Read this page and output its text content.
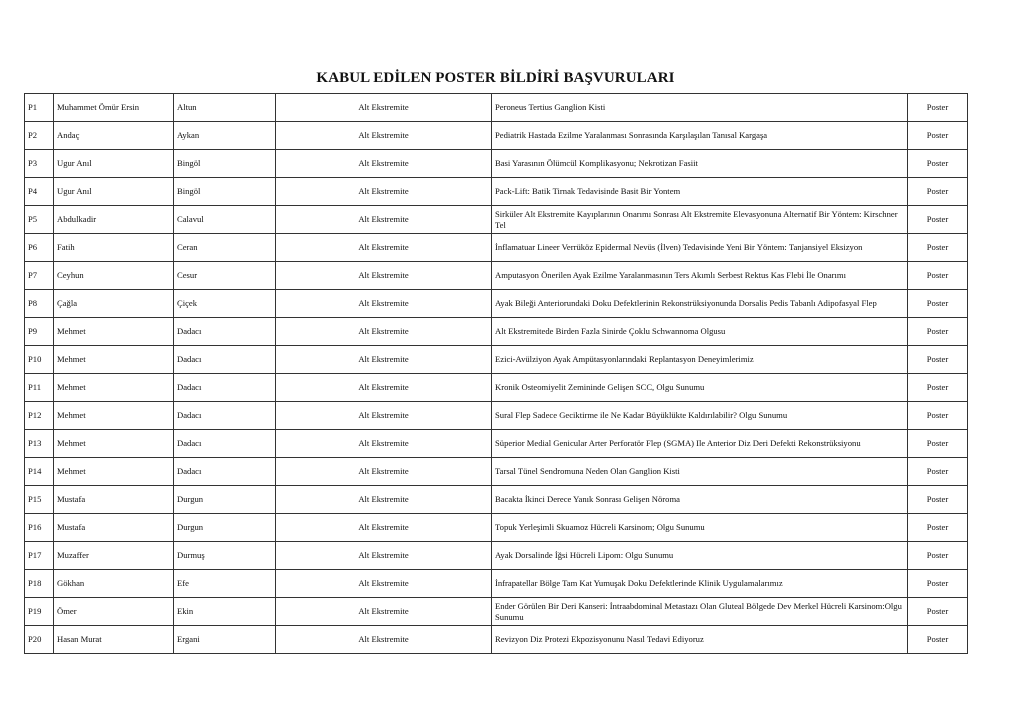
KABUL EDİLEN POSTER BİLDİRİ BAŞVURULARI
P1	Muhammet Ömür Ersin	Altun	Alt Ekstremite	Peroneus Tertius Ganglion Kisti	Poster
P2	Andaç	Aykan	Alt Ekstremite	Pediatrik Hastada Ezilme Yaralanması Sonrasında Karşılaşılan Tanısal Kargaşa	Poster
P3	Ugur Anıl	Bingöl	Alt Ekstremite	Basi Yarasının Ölümcül Komplikasyonu; Nekrotizan Fasiit	Poster
P4	Ugur Anıl	Bingöl	Alt Ekstremite	Pack-Lift: Batik Tirnak Tedavisinde Basit Bir Yontem	Poster
P5	Abdulkadir	Calavul	Alt Ekstremite	Sirküler Alt Ekstremite Kayıplarının Onarımı Sonrası Alt Ekstremite Elevasyonuna Alternatif Bir Yöntem: Kirschner Tel	Poster
P6	Fatih	Ceran	Alt Ekstremite	İnflamatuar Lineer Verrüköz Epidermal Nevüs (İlven) Tedavisinde Yeni Bir Yöntem: Tanjansiyel Eksizyon	Poster
P7	Ceyhun	Cesur	Alt Ekstremite	Amputasyon Önerilen Ayak Ezilme Yaralanmasının Ters Akımlı Serbest Rektus Kas Flebi İle Onarımı	Poster
P8	Çağla	Çiçek	Alt Ekstremite	Ayak Bileği Anteriorundaki Doku Defektlerinin Rekonstrüksiyonunda Dorsalis Pedis Tabanlı Adipofasyal Flep	Poster
P9	Mehmet	Dadacı	Alt Ekstremite	Alt Ekstremitede Birden Fazla Sinirde Çoklu Schwannoma Olgusu	Poster
P10	Mehmet	Dadacı	Alt Ekstremite	Ezici-Avülziyon Ayak Ampütasyonlarındaki Replantasyon Deneyimlerimiz	Poster
P11	Mehmet	Dadacı	Alt Ekstremite	Kronik Osteomiyelit Zemininde Gelişen SCC, Olgu Sunumu	Poster
P12	Mehmet	Dadacı	Alt Ekstremite	Sural Flep Sadece Geciktirme ile Ne Kadar Büyüklükte Kaldırılabilir? Olgu Sunumu	Poster
P13	Mehmet	Dadacı	Alt Ekstremite	Süperior Medial Genicular Arter Perforatör Flep (SGMA) Ile Anterior Diz Deri Defekti Rekonstrüksiyonu	Poster
P14	Mehmet	Dadacı	Alt Ekstremite	Tarsal Tünel Sendromuna Neden Olan Ganglion Kisti	Poster
P15	Mustafa	Durgun	Alt Ekstremite	Bacakta İkinci Derece Yanık Sonrası Gelişen Nöroma	Poster
P16	Mustafa	Durgun	Alt Ekstremite	Topuk Yerleşimli Skuamoz Hücreli Karsinom; Olgu Sunumu	Poster
P17	Muzaffer	Durmuş	Alt Ekstremite	Ayak Dorsalinde İğsi Hücreli Lipom: Olgu Sunumu	Poster
P18	Gökhan	Efe	Alt Ekstremite	İnfrapatellar Bölge Tam Kat Yumuşak Doku Defektlerinde Klinik Uygulamalarımız	Poster
P19	Ömer	Ekin	Alt Ekstremite	Ender Görülen Bir Deri Kanseri: İntraabdominal Metastazı Olan Gluteal Bölgede Dev Merkel Hücreli Karsinom:Olgu Sunumu	Poster
P20	Hasan Murat	Ergani	Alt Ekstremite	Revizyon Diz Protezi Ekpozisyonunu Nasıl Tedavi Ediyoruz	Poster
